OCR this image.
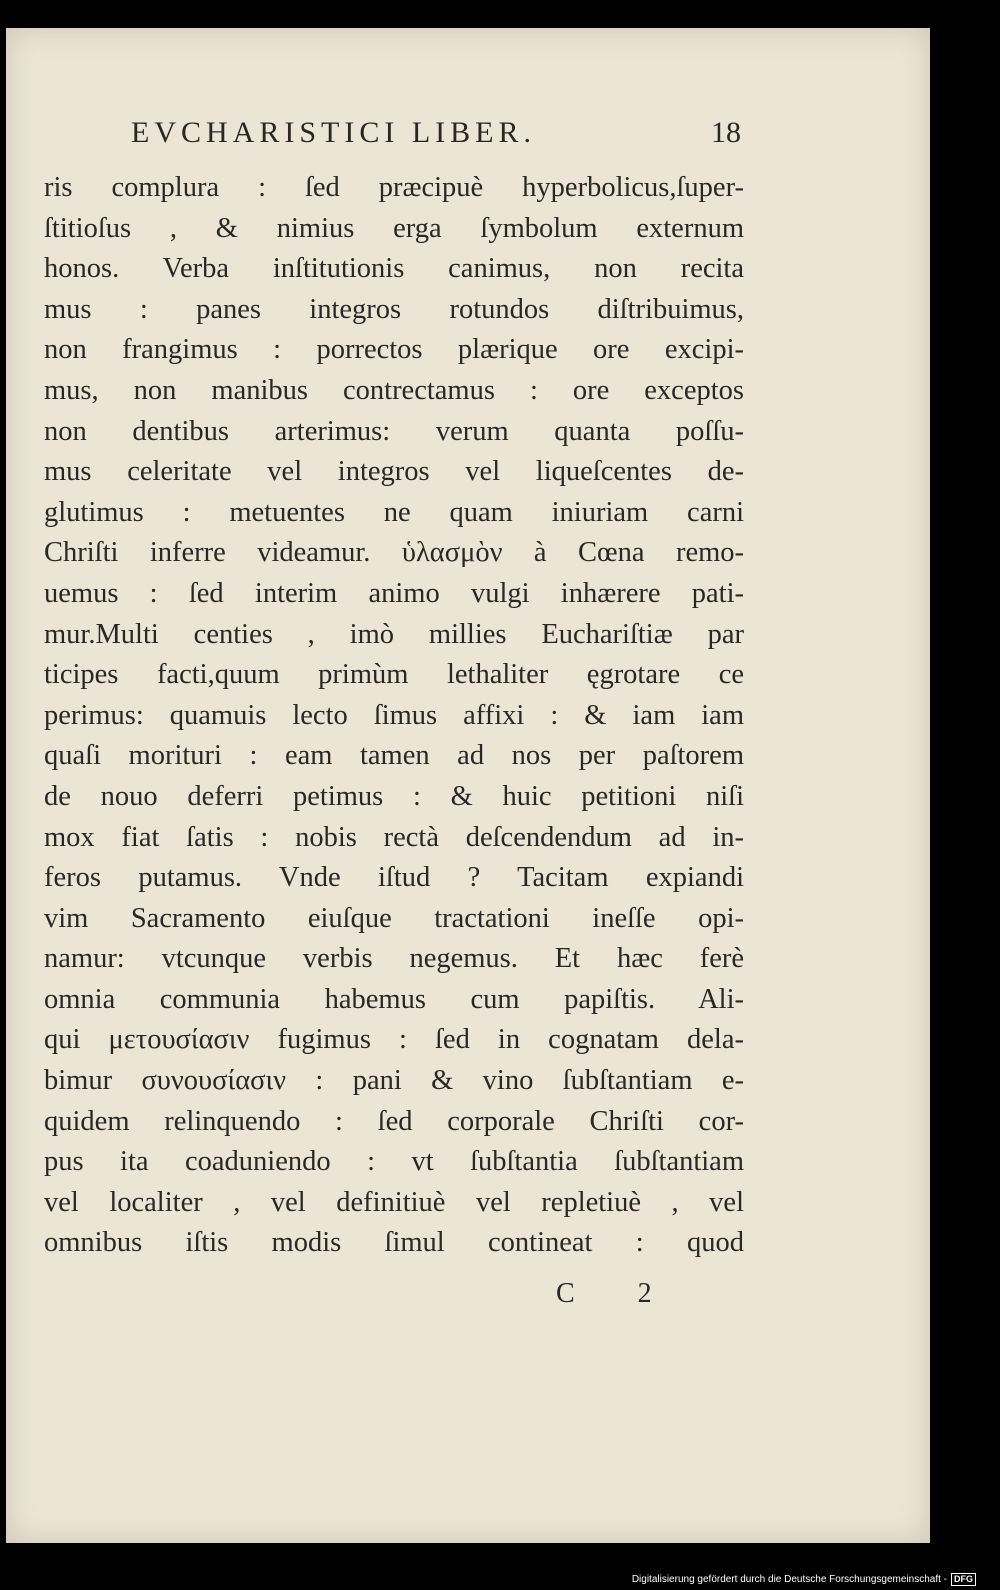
EVCHARISTICI LIBER.	18
ris complura : ſed præcipuè hyperbolicus,ſuper-
ſtitioſus , & nimius erga ſymbolum externum
honos. Verba inſtitutionis canimus, non recita
mus : panes integros rotundos diſtribuimus,
non frangimus : porrectos plærique ore excipi-
mus, non manibus contrectamus : ore exceptos
non dentibus arterimus: verum quanta poſſu-
mus celeritate vel integros vel liqueſcentes de-
glutimus : metuentes ne quam iniuriam carni
Chriſti inferre videamur. ὑλασμὸν à Cœna remo-
uemus : ſed interim animo vulgi inhærere pati-
mur.Multi centies , imò millies Euchariſtiæ par
ticipes facti,quum primùm lethaliter ęgrotare ce
perimus: quamuis lecto ſimus affixi : & iam iam
quaſi morituri : eam tamen ad nos per paſtorem
de nouo deferri petimus : & huic petitioni niſi
mox fiat ſatis : nobis rectà deſcendendum ad in-
feros putamus. Vnde iſtud ? Tacitam expiandi
vim Sacramento eiuſque tractationi ineſſe opi-
namur: vtcunque verbis negemus. Et hæc ferè
omnia communia habemus cum papiſtis. Ali-
qui μετουσίασιν fugimus : ſed in cognatam dela-
bimur συνουσίασιν : pani & vino ſubſtantiam e-
quidem relinquendo : ſed corporale Chriſti cor-
pus ita coaduniendo : vt ſubſtantia ſubſtantiam
vel localiter , vel definitiuè vel repletiuè , vel
omnibus iſtis modis ſimul contineat : quod
C 2
Digitalisierung gefördert durch die Deutsche Forschungsgemeinschaft - DFG
